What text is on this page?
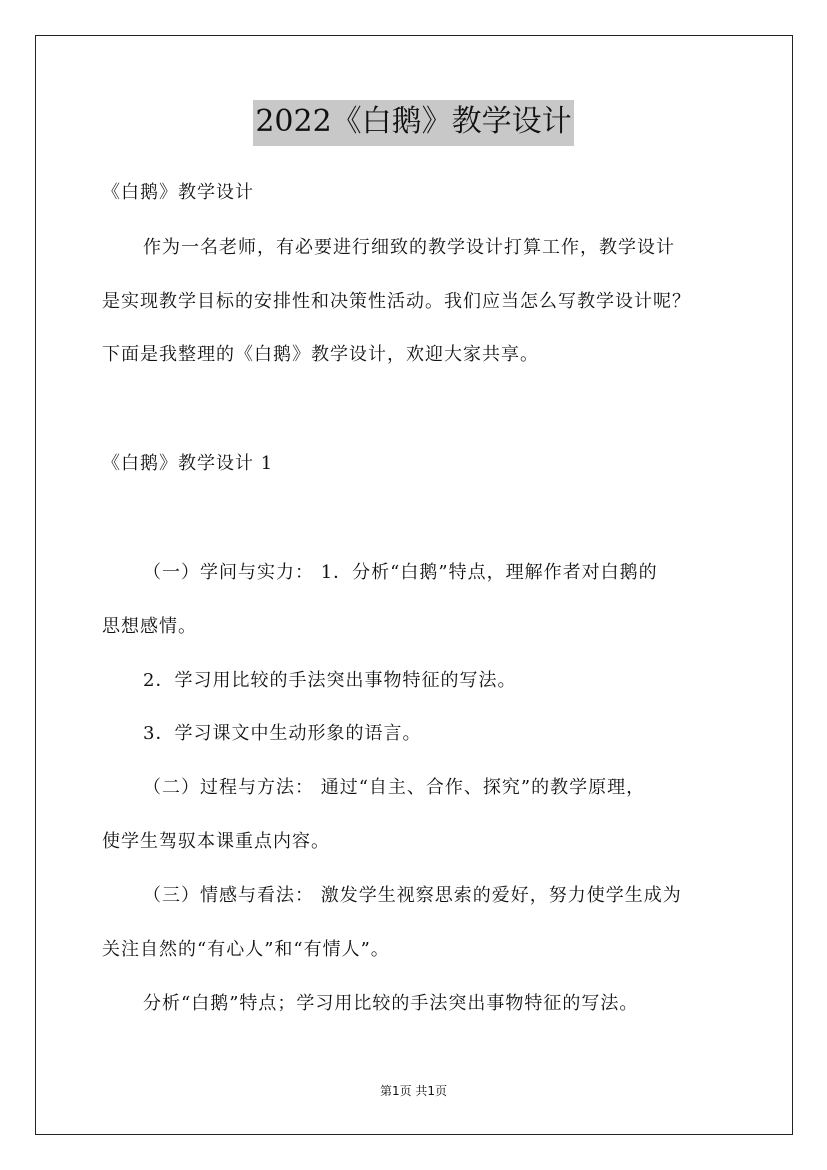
2022《白鹅》教学设计
《白鹅》教学设计
作为一名老师，有必要进行细致的教学设计打算工作，教学设计
是实现教学目标的安排性和决策性活动。我们应当怎么写教学设计呢？
下面是我整理的《白鹅》教学设计，欢迎大家共享。
《白鹅》教学设计 1
（一）学问与实力： 1．分析“白鹅”特点，理解作者对白鹅的
思想感情。
2．学习用比较的手法突出事物特征的写法。
3．学习课文中生动形象的语言。
（二）过程与方法： 通过“自主、合作、探究”的教学原理，
使学生驾驭本课重点内容。
（三）情感与看法： 激发学生视察思索的爱好，努力使学生成为
关注自然的“有心人”和“有情人”。
分析“白鹅”特点；学习用比较的手法突出事物特征的写法。
第1页 共1页
